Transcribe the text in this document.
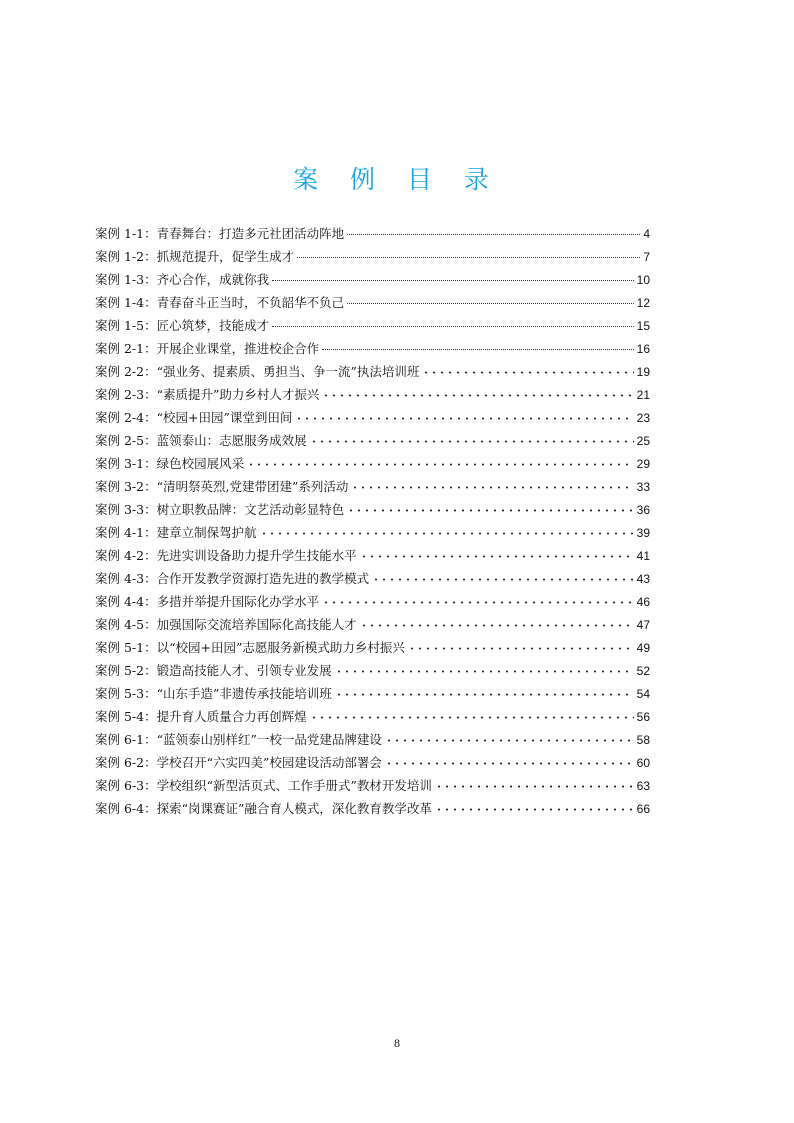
案 例 目 录
案例 1-1： 青春舞台：打造多元社团活动阵地	4
案例 1-2： 抓规范提升，促学生成才	7
案例 1-3： 齐心合作，成就你我	10
案例 1-4： 青春奋斗正当时，不负韶华不负己	12
案例 1-5： 匠心筑梦，技能成才	15
案例 2-1： 开展企业课堂，推进校企合作	16
案例 2-2： “强业务、提素质、勇担当、争一流”执法培训班	19
案例 2-3： “素质提升”助力乡村人才振兴	21
案例 2-4： “校园+田园”课堂到田间	23
案例 2-5： 蓝领泰山：志愿服务成效展	25
案例 3-1： 绿色校园展风采	29
案例 3-2： “清明祭英烈,党建带团建”系列活动	33
案例 3-3： 树立职教品牌：文艺活动彰显特色	36
案例 4-1： 建章立制保驾护航	39
案例 4-2： 先进实训设备助力提升学生技能水平	41
案例 4-3： 合作开发教学资源打造先进的教学模式	43
案例 4-4： 多措并举提升国际化办学水平	46
案例 4-5： 加强国际交流培养国际化高技能人才	47
案例 5-1： 以“校园+田园”志愿服务新模式助力乡村振兴	49
案例 5-2： 锻造高技能人才、引领专业发展	52
案例 5-3： “山东手造”非遗传承技能培训班	54
案例 5-4： 提升育人质量合力再创辉煌	56
案例 6-1： “蓝领泰山别样红”一校一品党建品牌建设	58
案例 6-2： 学校召开“六实四美”校园建设活动部署会	60
案例 6-3： 学校组织“新型活页式、工作手册式”教材开发培训	63
案例 6-4： 探索“岗课赛证”融合育人模式，深化教育教学改革	66
8
